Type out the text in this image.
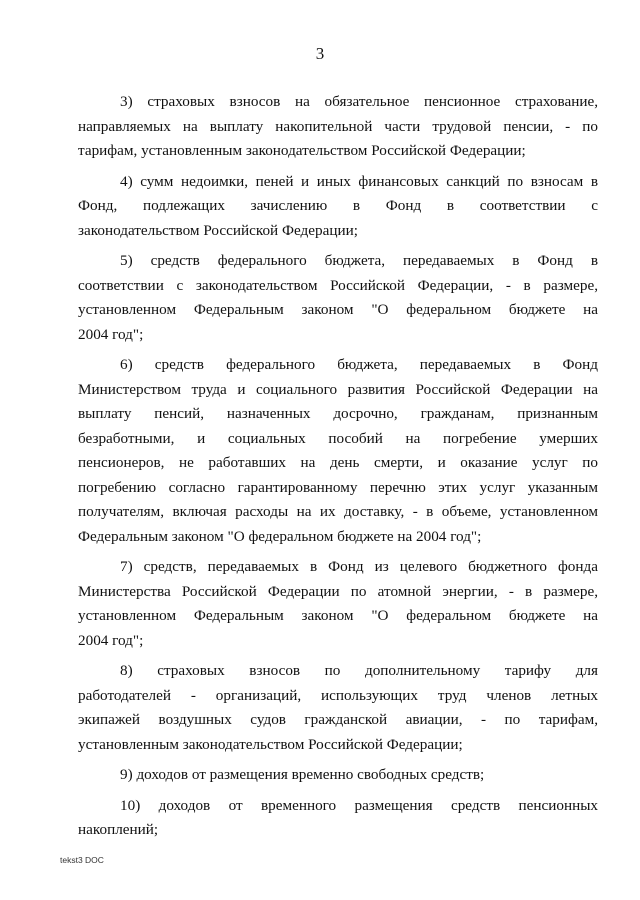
3

3) страховых взносов на обязательное пенсионное страхование,
направляемых на выплату накопительной части трудовой пенсии, - по
тарифам, установленным законодательством Российской Федерации;

4) сумм недоимки, пеней и иных финансовых санкций по взносам в
Фонд, подлежащих зачислению в Фонд в соответствии с
законодательством Российской Федерации;

5) средств федерального бюджета, передаваемых в Фонд в
соответствии с законодательством Российской Федерации, - в размере,
установленном Федеральным законом "О федеральном бюджете на
2004 год";

6) средств федерального бюджета, передаваемых в Фонд
Министерством труда и социального развития Российской Федерации на
выплату пенсий, назначенных досрочно, гражданам, признанным
безработными, и социальных пособий на погребение умерших
пенсионеров, не работавших на день смерти, и оказание услуг по
погребению согласно гарантированному перечню этих услуг указанным
получателям, включая расходы на их доставку, - в объеме, установленном
Федеральным законом "О федеральном бюджете на 2004 год";

7) средств, передаваемых в Фонд из целевого бюджетного фонда
Министерства Российской Федерации по атомной энергии, - в размере,
установленном Федеральным законом "О федеральном бюджете на
2004 год";

8) страховых взносов по дополнительному тарифу для
работодателей - организаций, использующих труд членов летных
экипажей воздушных судов гражданской авиации, - по тарифам,
установленным законодательством Российской Федерации;

9) доходов от размещения временно свободных средств;

10) доходов от временного размещения средств пенсионных
накоплений;

tekst3 DOC
